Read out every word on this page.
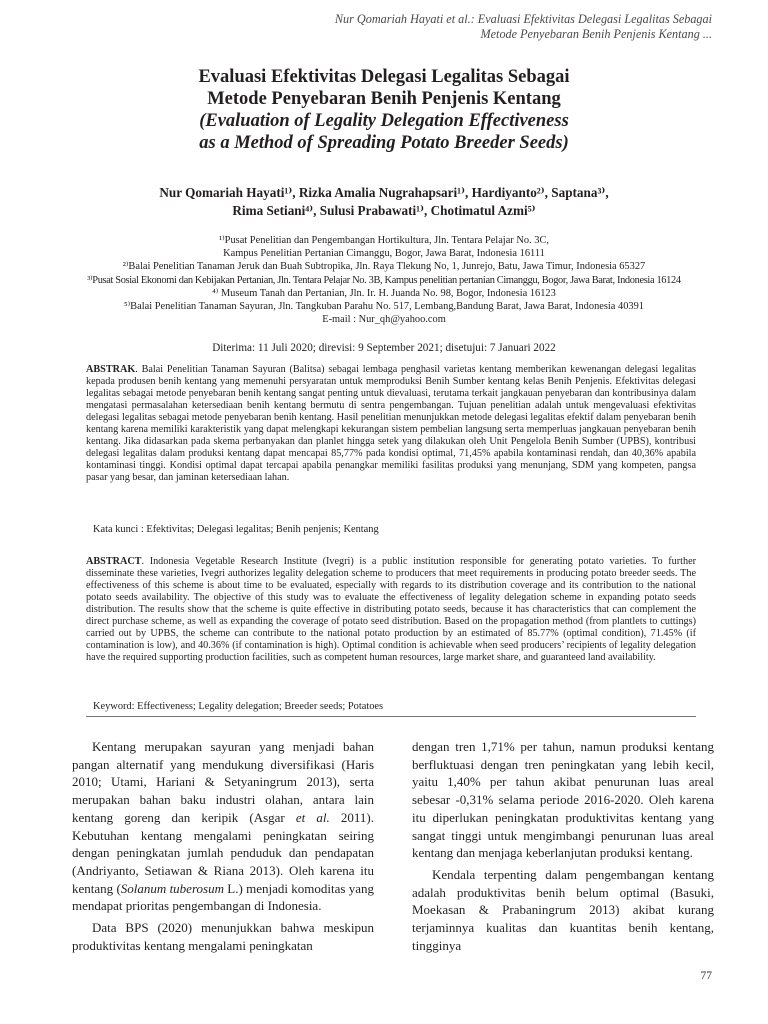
Nur Qomariah Hayati et al.: Evaluasi Efektivitas Delegasi Legalitas Sebagai
Metode Penyebaran Benih Penjenis Kentang ...
Evaluasi Efektivitas Delegasi Legalitas Sebagai
Metode Penyebaran Benih Penjenis Kentang
(Evaluation of Legality Delegation Effectiveness
as a Method of Spreading Potato Breeder Seeds)
Nur Qomariah Hayati¹⁾, Rizka Amalia Nugrahapsari¹⁾, Hardiyanto²⁾, Saptana³⁾,
Rima Setiani⁴⁾, Sulusi Prabawati¹⁾, Chotimatul Azmi⁵⁾
¹⁾Pusat Penelitian dan Pengembangan Hortikultura, Jln. Tentara Pelajar No. 3C,
Kampus Penelitian Pertanian Cimanggu, Bogor, Jawa Barat, Indonesia 16111
²⁾Balai Penelitian Tanaman Jeruk dan Buah Subtropika, Jln. Raya Tlekung No, 1, Junrejo, Batu, Jawa Timur, Indonesia 65327
³⁾Pusat Sosial Ekonomi dan Kebijakan Pertanian, Jln. Tentara Pelajar No. 3B, Kampus penelitian pertanian Cimanggu, Bogor, Jawa Barat, Indonesia 16124
⁴⁾ Museum Tanah dan Pertanian, Jln. Ir. H. Juanda No. 98, Bogor, Indonesia 16123
⁵⁾Balai Penelitian Tanaman Sayuran, Jln. Tangkuban Parahu No. 517, Lembang,Bandung Barat, Jawa Barat, Indonesia 40391
E-mail : Nur_qh@yahoo.com
Diterima: 11 Juli 2020; direvisi: 9 September 2021; disetujui: 7 Januari 2022
ABSTRAK. Balai Penelitian Tanaman Sayuran (Balitsa) sebagai lembaga penghasil varietas kentang memberikan kewenangan delegasi legalitas kepada produsen benih kentang yang memenuhi persyaratan untuk memproduksi Benih Sumber kentang kelas Benih Penjenis. Efektivitas delegasi legalitas sebagai metode penyebaran benih kentang sangat penting untuk dievaluasi, terutama terkait jangkauan penyebaran dan kontribusinya dalam mengatasi permasalahan ketersediaan benih kentang bermutu di sentra pengembangan. Tujuan penelitian adalah untuk mengevaluasi efektivitas delegasi legalitas sebagai metode penyebaran benih kentang. Hasil penelitian menunjukkan metode delegasi legalitas efektif dalam penyebaran benih kentang karena memiliki karakteristik yang dapat melengkapi kekurangan sistem pembelian langsung serta memperluas jangkauan penyebaran benih kentang. Jika didasarkan pada skema perbanyakan dan planlet hingga setek yang dilakukan oleh Unit Pengelola Benih Sumber (UPBS), kontribusi delegasi legalitas dalam produksi kentang dapat mencapai 85,77% pada kondisi optimal, 71,45% apabila kontaminasi rendah, dan 40,36% apabila kontaminasi tinggi. Kondisi optimal dapat tercapai apabila penangkar memiliki fasilitas produksi yang menunjang, SDM yang kompeten, pangsa pasar yang besar, dan jaminan ketersediaan lahan.
Kata kunci : Efektivitas; Delegasi legalitas; Benih penjenis; Kentang
ABSTRACT. Indonesia Vegetable Research Institute (Ivegri) is a public institution responsible for generating potato varieties. To further disseminate these varieties, Ivegri authorizes legality delegation scheme to producers that meet requirements in producing potato breeder seeds. The effectiveness of this scheme is about time to be evaluated, especially with regards to its distribution coverage and its contribution to the national potato seeds availability. The objective of this study was to evaluate the effectiveness of legality delegation scheme in expanding potato seeds distribution. The results show that the scheme is quite effective in distributing potato seeds, because it has characteristics that can complement the direct purchase scheme, as well as expanding the coverage of potato seed distribution. Based on the propagation method (from plantlets to cuttings) carried out by UPBS, the scheme can contribute to the national potato production by an estimated of 85.77% (optimal condition), 71.45% (if contamination is low), and 40.36% (if contamination is high). Optimal condition is achievable when seed producers’ recipients of legality delegation have the required supporting production facilities, such as competent human resources, large market share, and guaranteed land availability.
Keyword: Effectiveness; Legality delegation; Breeder seeds; Potatoes

Kentang merupakan sayuran yang menjadi bahan pangan alternatif yang mendukung diversifikasi (Haris 2010; Utami, Hariani & Setyaningrum 2013), serta merupakan bahan baku industri olahan, antara lain kentang goreng dan keripik (Asgar et al. 2011). Kebutuhan kentang mengalami peningkatan seiring dengan peningkatan jumlah penduduk dan pendapatan (Andriyanto, Setiawan & Riana 2013). Oleh karena itu kentang (Solanum tuberosum L.) menjadi komoditas yang mendapat prioritas pengembangan di Indonesia.

Data BPS (2020) menunjukkan bahwa meskipun produktivitas kentang mengalami peningkatan

dengan tren 1,71% per tahun, namun produksi kentang berfluktuasi dengan tren peningkatan yang lebih kecil, yaitu 1,40% per tahun akibat penurunan luas areal sebesar -0,31% selama periode 2016-2020. Oleh karena itu diperlukan peningkatan produktivitas kentang yang sangat tinggi untuk mengimbangi penurunan luas areal kentang dan menjaga keberlanjutan produksi kentang.

Kendala terpenting dalam pengembangan kentang adalah produktivitas benih belum optimal (Basuki, Moekasan & Prabaningrum 2013) akibat kurang terjaminnya kualitas dan kuantitas benih kentang, tingginya

77
